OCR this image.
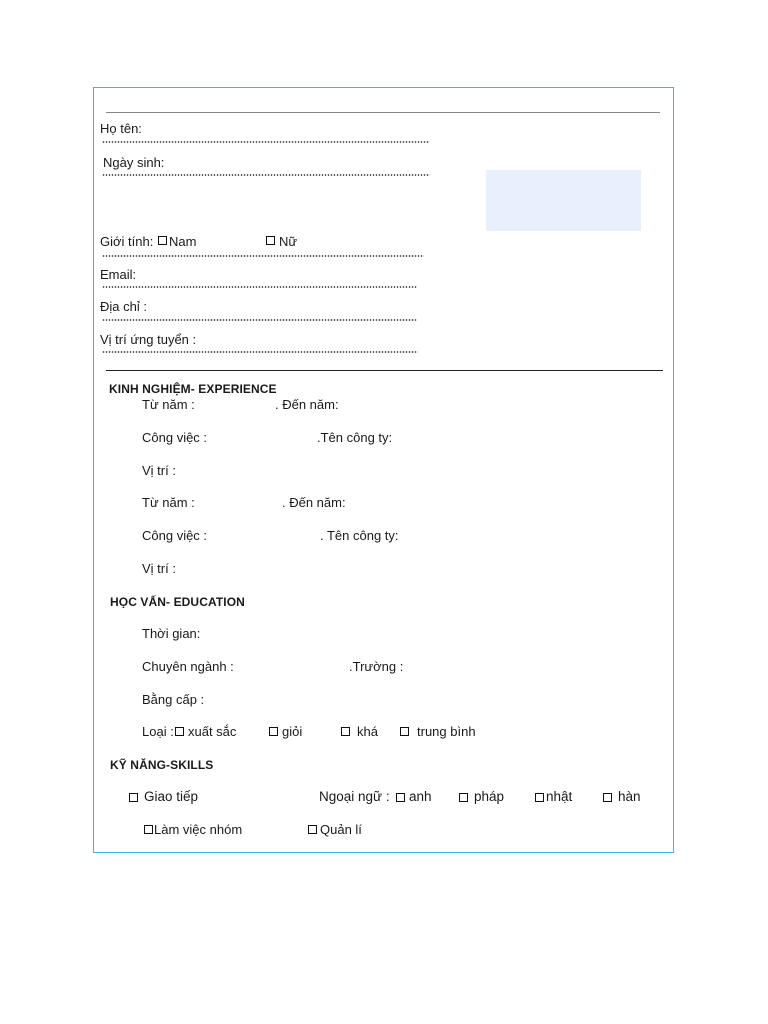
Họ tên:
Ngày sinh:
Giới tính: Nam	Nữ
Email:
Địa chỉ :
Vị trí ứng tuyển :
KINH NGHIỆM- EXPERIENCE
Từ năm :	. Đến năm:
Công việc :	.Tên công ty:
Vị trí :
Từ năm :	. Đến năm:
Công việc :	. Tên công ty:
Vị trí :
HỌC VẤN- EDUCATION
Thời gian:
Chuyên ngành :	.Trường :
Bằng cấp :
Loại : xuất sắc	giỏi	khá	trung bình
KỸ NĂNG-SKILLS
Giao tiếp	Ngoại ngữ : anh	pháp	nhật	hàn
Làm việc nhóm	Quản lí
